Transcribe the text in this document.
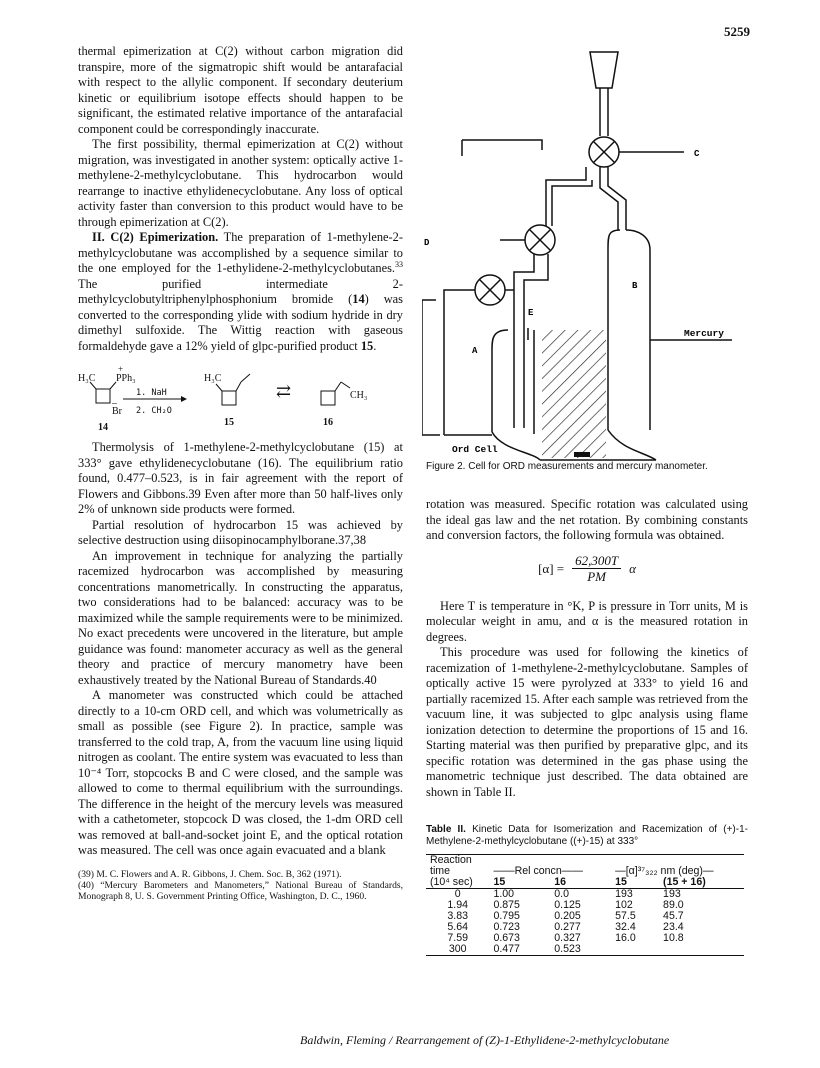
5259

thermal epimerization at C(2) without carbon migration did transpire, more of the sigmatropic shift would be antarafacial with respect to the allylic component. If secondary deuterium kinetic or equilibrium isotope effects should happen to be significant, the estimated relative importance of the antarafacial component could be correspondingly inaccurate.

The first possibility, thermal epimerization at C(2) without migration, was investigated in another system: optically active 1-methylene-2-methylcyclobutane. This hydrocarbon would rearrange to inactive ethylidenecyclobutane. Any loss of optical activity faster than conversion to this product would have to be through epimerization at C(2).

II. C(2) Epimerization. The preparation of 1-methylene-2-methylcyclobutane was accomplished by a sequence similar to the one employed for the 1-ethylidene-2-methylcyclobutanes.$^{33}$ The purified intermediate 2-methylcyclobutyltriphenylphosphonium bromide (14) was converted to the corresponding ylide with sodium hydride in dry dimethyl sulfoxide. The Wittig reaction with gaseous formaldehyde gave a 12% yield of glpc-purified product 15.

H₃C
+
PPh₃
–
Br
14
1. NaH
2. CH₂O
H₃C
15
⇄	CH₃
16

Thermolysis of 1-methylene-2-methylcyclobutane (15) at 333° gave ethylidenecyclobutane (16). The equilibrium ratio found, 0.477–0.523, is in fair agreement with the report of Flowers and Gibbons.39 Even after more than 50 half-lives only 2% of unknown side products were formed.

Partial resolution of hydrocarbon 15 was achieved by selective destruction using diisopinocamphylborane.37,38

An improvement in technique for analyzing the partially racemized hydrocarbon was accomplished by measuring concentrations manometrically. In constructing the apparatus, two considerations had to be balanced: accuracy was to be maximized while the sample requirements were to be minimized. No exact precedents were uncovered in the literature, but ample guidance was found: manometer accuracy as well as the general theory and practice of mercury manometry have been exhaustively treated by the National Bureau of Standards.40

A manometer was constructed which could be attached directly to a 10-cm ORD cell, and which was volumetrically as small as possible (see Figure 2). In practice, sample was transferred to the cold trap, A, from the vacuum line using liquid nitrogen as coolant. The entire system was evacuated to less than 10⁻⁴ Torr, stopcocks B and C were closed, and the sample was allowed to come to thermal equilibrium with the surroundings. The difference in the height of the mercury levels was measured with a cathetometer, stopcock D was closed, the 1-dm ORD cell was removed at ball-and-socket joint E, and the optical rotation was measured. The cell was once again evacuated and a blank

(39) M. C. Flowers and A. R. Gibbons, J. Chem. Soc. B, 362 (1971).

(40) “Mercury Barometers and Manometers,” National Bureau of Standards, Monograph 8, U. S. Government Printing Office, Washington, D. C., 1960.

B
C
D
E
A
Mercury
Ord Cell
Figure 2. Cell for ORD measurements and mercury manometer.

rotation was measured. Specific rotation was calculated using the ideal gas law and the net rotation. By combining constants and conversion factors, the following formula was obtained.

$[\alpha] = \frac{62,300T}{PM}$ α

Here T is temperature in °K, P is pressure in Torr units, M is molecular weight in amu, and α is the measured rotation in degrees.

This procedure was used for following the kinetics of racemization of 1-methylene-2-methylcyclobutane. Samples of optically active 15 were pyrolyzed at 333° to yield 16 and partially racemized 15. After each sample was retrieved from the vacuum line, it was subjected to glpc analysis using flame ionization detection to determine the proportions of 15 and 16. Starting material was then purified by preparative glpc, and its specific rotation was determined in the gas phase using the manometric technique just described. The data obtained are shown in Table II.

Table II. Kinetic Data for Isomerization and Racemization of (+)-1-Methylene-2-methylcyclobutane ((+)-15) at 333°
Reaction				
time	——Rel concn——		—[α]³⁷₃₂₂ nm (deg)—	
(10⁴ sec)	15	16	15	(15 + 16)
0	1.00	0.0	193	193
1.94	0.875	0.125	102	89.0
3.83	0.795	0.205	57.5	45.7
5.64	0.723	0.277	32.4	23.4
7.59	0.673	0.327	16.0	10.8
300	0.477	0.523		
Baldwin, Fleming / Rearrangement of (Z)-1-Ethylidene-2-methylcyclobutane
